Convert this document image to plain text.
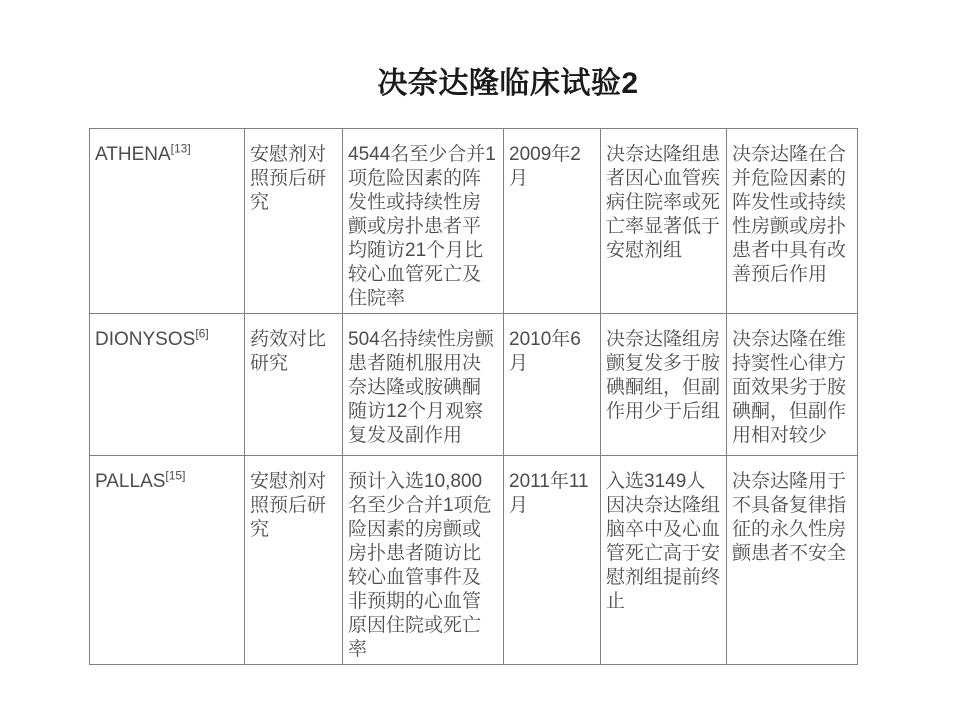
决奈达隆临床试验2
ATHENA[13]	安慰剂对照预后研究	4544名至少合并1项危险因素的阵发性或持续性房颤或房扑患者平均随访21个月比较心血管死亡及住院率	2009年2月	决奈达隆组患者因心血管疾病住院率或死亡率显著低于安慰剂组	决奈达隆在合并危险因素的阵发性或持续性房颤或房扑患者中具有改善预后作用
DIONYSOS[6]	药效对比研究	504名持续性房颤患者随机服用决奈达隆或胺碘酮随访12个月观察复发及副作用	2010年6月	决奈达隆组房颤复发多于胺碘酮组，但副作用少于后组	决奈达隆在维持窦性心律方面效果劣于胺碘酮，但副作用相对较少
PALLAS[15]	安慰剂对照预后研究	预计入选10,800名至少合并1项危险因素的房颤或房扑患者随访比较心血管事件及非预期的心血管原因住院或死亡率	2011年11月	入选3149人因决奈达隆组脑卒中及心血管死亡高于安慰剂组提前终止	决奈达隆用于不具备复律指征的永久性房颤患者不安全
